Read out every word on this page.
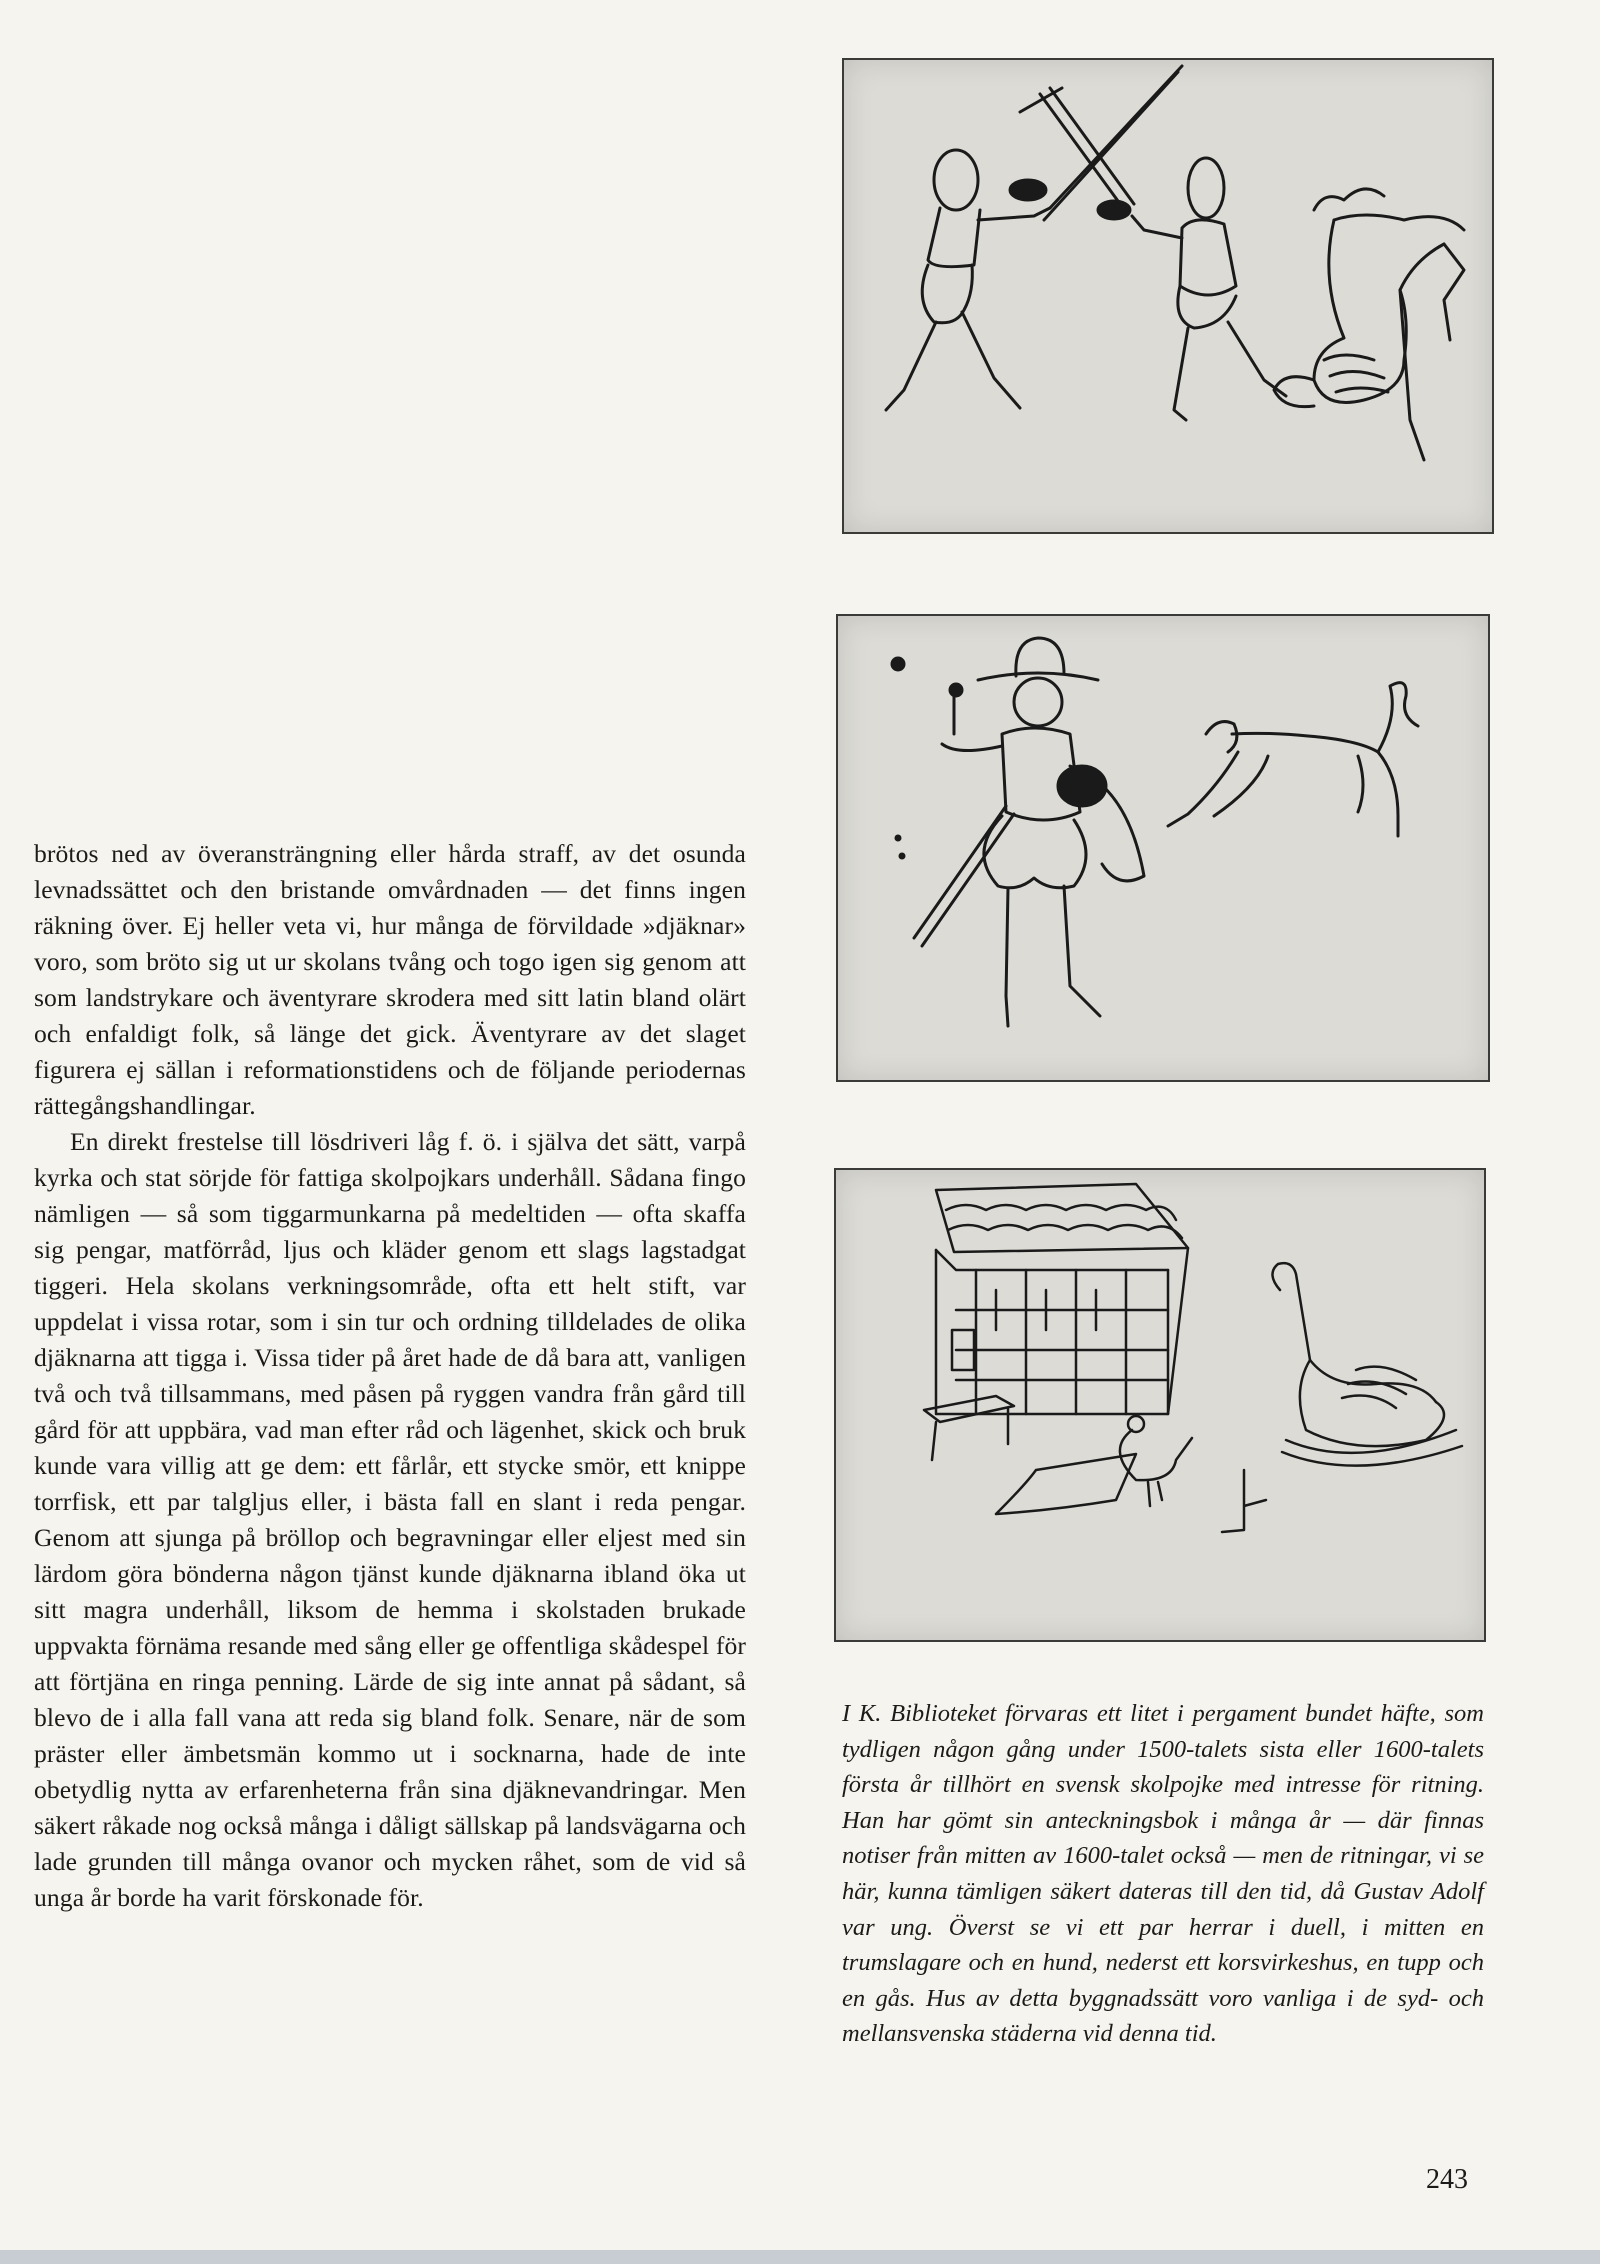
brötos ned av överansträngning eller hårda straff, av det osunda levnadssättet och den bristande omvårdnaden — det finns ingen räkning över. Ej heller veta vi, hur många de förvildade »djäknar» voro, som bröto sig ut ur skolans tvång och togo igen sig genom att som landstrykare och äventyrare skrodera med sitt latin bland olärt och enfaldigt folk, så länge det gick. Äventyrare av det slaget figurera ej sällan i reformationstidens och de följande periodernas rättegångshandlingar.

En direkt frestelse till lösdriveri låg f. ö. i själva det sätt, varpå kyrka och stat sörjde för fattiga skolpojkars underhåll. Sådana fingo nämligen — så som tiggarmunkarna på medeltiden — ofta skaffa sig pengar, matförråd, ljus och kläder genom ett slags lagstadgat tiggeri. Hela skolans verkningsområde, ofta ett helt stift, var uppdelat i vissa rotar, som i sin tur och ordning tilldelades de olika djäknarna att tigga i. Vissa tider på året hade de då bara att, vanligen två och två tillsammans, med påsen på ryggen vandra från gård till gård för att uppbära, vad man efter råd och lägenhet, skick och bruk kunde vara villig att ge dem: ett fårlår, ett stycke smör, ett knippe torrfisk, ett par talgljus eller, i bästa fall en slant i reda pengar. Genom att sjunga på bröllop och begravningar eller eljest med sin lärdom göra bönderna någon tjänst kunde djäknarna ibland öka ut sitt magra underhåll, liksom de hemma i skolstaden brukade uppvakta förnäma resande med sång eller ge offentliga skådespel för att förtjäna en ringa penning. Lärde de sig inte annat på sådant, så blevo de i alla fall vana att reda sig bland folk. Senare, när de som präster eller ämbetsmän kommo ut i socknarna, hade de inte obetydlig nytta av erfarenheterna från sina djäknevandringar. Men säkert råkade nog också många i dåligt sällskap på landsvägarna och lade grunden till många ovanor och mycken råhet, som de vid så unga år borde ha varit förskonade för.

I K. Biblioteket förvaras ett litet i pergament bundet häfte, som tydligen någon gång under 1500-talets sista eller 1600-talets första år tillhört en svensk skolpojke med intresse för ritning. Han har gömt sin anteckningsbok i många år — där finnas notiser från mitten av 1600-talet också — men de ritningar, vi se här, kunna tämligen säkert dateras till den tid, då Gustav Adolf var ung. Överst se vi ett par herrar i duell, i mitten en trumslagare och en hund, nederst ett korsvirkeshus, en tupp och en gås. Hus av detta byggnadssätt voro vanliga i de syd- och mellansvenska städerna vid denna tid.

243
